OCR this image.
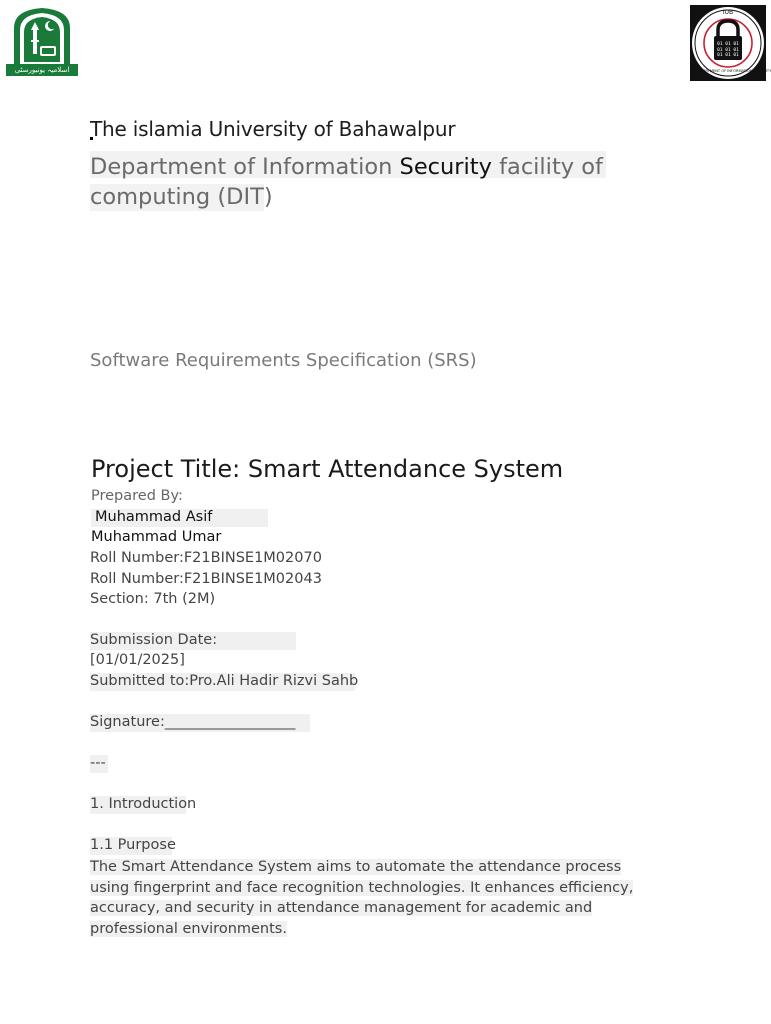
اسلامیہ یونیورسٹی بہاولپور
IUB
01 01 01
01 01 01
01 01 01
DEPARTMENT OF INFORMATION SECURITY
The islamia University of Bahawalpur
Department of Information Security facility of computing (DIT)
Software Requirements Specification (SRS)
Project Title: Smart Attendance System
Prepared By:
Muhammad Asif
Muhammad Umar
Roll Number:F21BINSE1M02070
Roll Number:F21BINSE1M02043
Section: 7th (2M)
Submission Date:
[01/01/2025]
Submitted to:Pro.Ali Hadir Rizvi Sahb
Signature:__________________
---
1. Introduction
1.1 Purpose
The Smart Attendance System aims to automate the attendance process using fingerprint and face recognition technologies. It enhances efficiency, accuracy, and security in attendance management for academic and professional environments.
